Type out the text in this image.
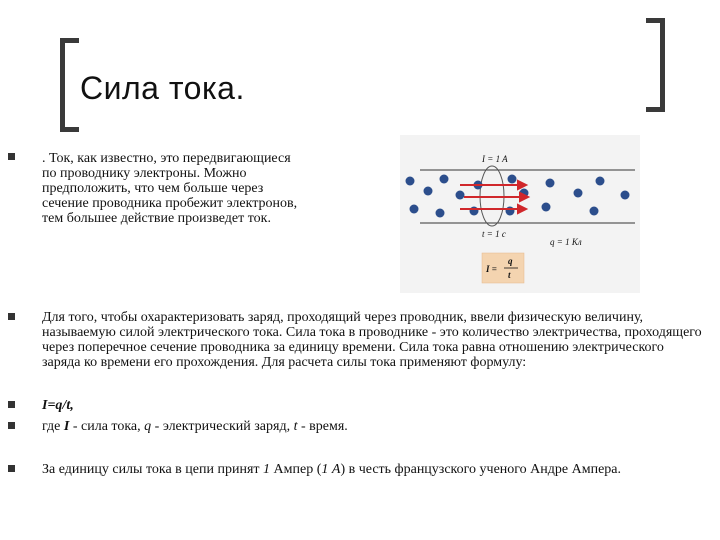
Сила тока.
. Ток, как известно, это передвигающиеся по проводнику электроны. Можно предположить, что чем больше через сечение проводника пробежит электронов, тем большее действие произведет ток.
I = 1 A
t = 1 c
q = 1 Кл
I =
q
t
Для того, чтобы охарактеризовать заряд, проходящий через проводник, ввели физическую величину, называемую силой электрического тока. Сила тока в проводнике - это количество электричества, проходящего через поперечное сечение проводника за единицу времени. Сила тока равна отношению электрического заряда ко времени его прохождения. Для расчета силы тока применяют формулу:
I=q/t,
где I - сила тока, q - электрический заряд, t - время.
За единицу силы тока в цепи принят 1 Ампер (1 А) в честь французского ученого Андре Ампера.
